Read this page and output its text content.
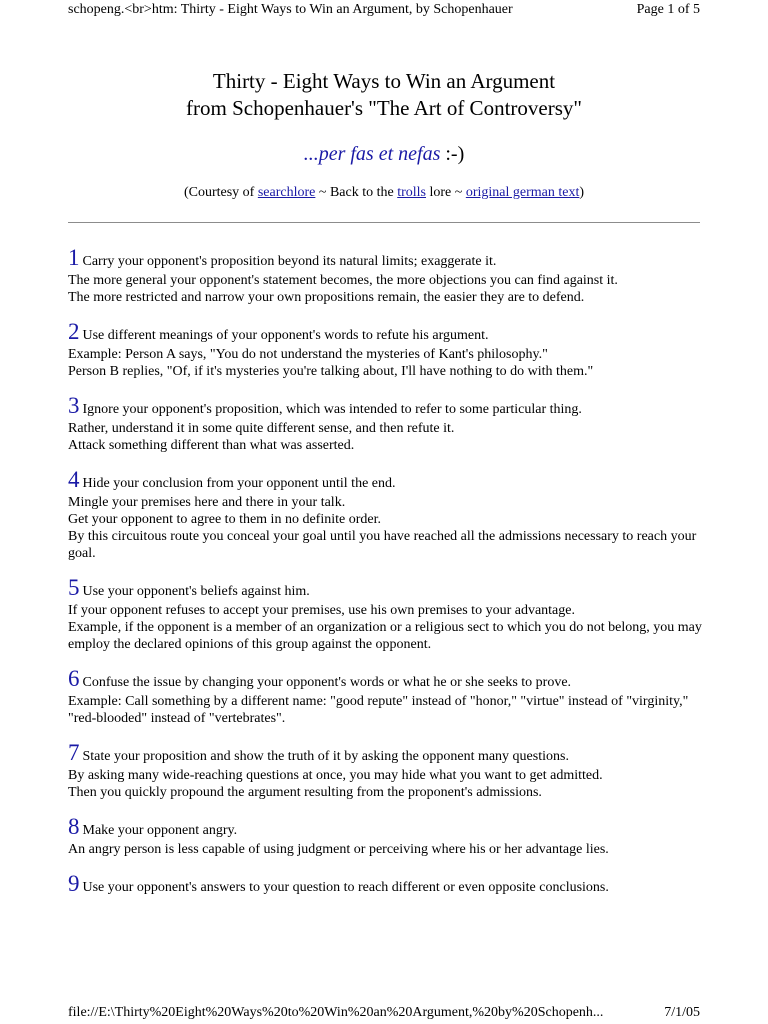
schopeng.<br>htm: Thirty - Eight Ways to Win an Argument, by Schopenhauer	Page 1 of 5
Thirty - Eight Ways to Win an Argument
from Schopenhauer's "The Art of Controversy"
...per fas et nefas :-)
(Courtesy of searchlore ~ Back to the trolls lore ~ original german text)
1 Carry your opponent's proposition beyond its natural limits; exaggerate it.
The more general your opponent's statement becomes, the more objections you can find against it.
The more restricted and narrow your own propositions remain, the easier they are to defend.
2 Use different meanings of your opponent's words to refute his argument.
Example: Person A says, "You do not understand the mysteries of Kant's philosophy."
Person B replies, "Of, if it's mysteries you're talking about, I'll have nothing to do with them."
3 Ignore your opponent's proposition, which was intended to refer to some particular thing.
Rather, understand it in some quite different sense, and then refute it.
Attack something different than what was asserted.
4 Hide your conclusion from your opponent until the end.
Mingle your premises here and there in your talk.
Get your opponent to agree to them in no definite order.
By this circuitous route you conceal your goal until you have reached all the admissions necessary to reach your goal.
5 Use your opponent's beliefs against him.
If your opponent refuses to accept your premises, use his own premises to your advantage.
Example, if the opponent is a member of an organization or a religious sect to which you do not belong, you may employ the declared opinions of this group against the opponent.
6 Confuse the issue by changing your opponent's words or what he or she seeks to prove.
Example: Call something by a different name: "good repute" instead of "honor," "virtue" instead of "virginity," "red-blooded" instead of "vertebrates".
7 State your proposition and show the truth of it by asking the opponent many questions.
By asking many wide-reaching questions at once, you may hide what you want to get admitted.
Then you quickly propound the argument resulting from the proponent's admissions.
8 Make your opponent angry.
An angry person is less capable of using judgment or perceiving where his or her advantage lies.
9 Use your opponent's answers to your question to reach different or even opposite conclusions.
file://E:\Thirty%20Eight%20Ways%20to%20Win%20an%20Argument,%20by%20Schopenh...	7/1/05
